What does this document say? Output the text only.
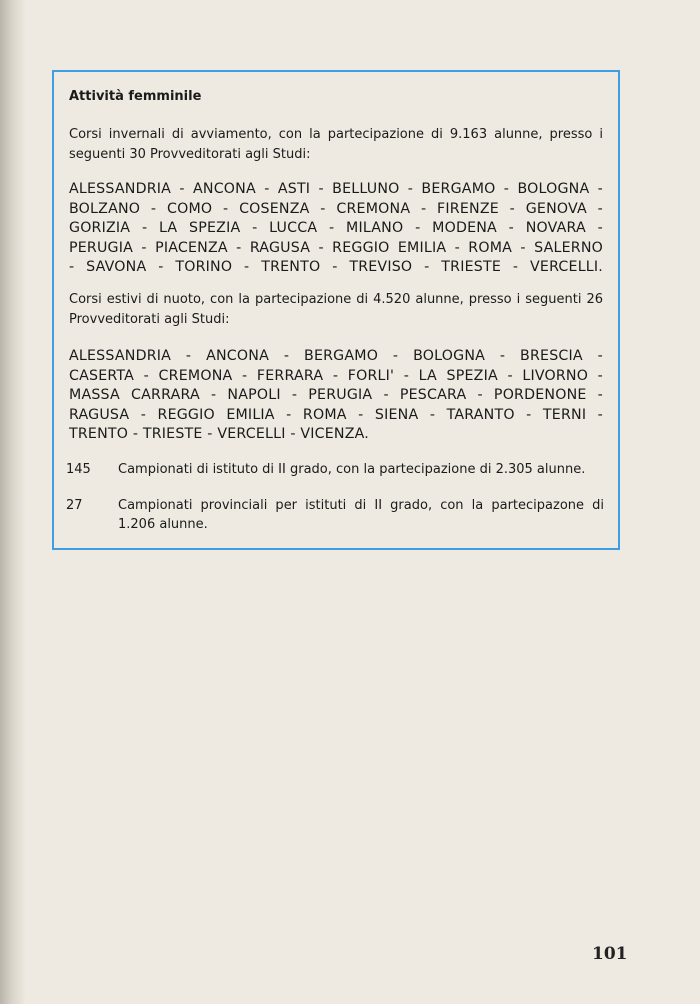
Attività femminile
Corsi invernali di avviamento, con la partecipazione di 9.163 alunne, presso i seguenti 30 Provveditorati agli Studi:
ALESSANDRIA - ANCONA - ASTI - BELLUNO - BERGAMO - BOLOGNA -
BOLZANO - COMO - COSENZA - CREMONA - FIRENZE - GENOVA -
GORIZIA - LA SPEZIA - LUCCA - MILANO - MODENA - NOVARA -
PERUGIA - PIACENZA - RAGUSA - REGGIO EMILIA - ROMA - SALERNO
- SAVONA - TORINO - TRENTO - TREVISO - TRIESTE - VERCELLI.
Corsi estivi di nuoto, con la partecipazione di 4.520 alunne, presso i seguenti 26 Provveditorati agli Studi:
ALESSANDRIA - ANCONA - BERGAMO - BOLOGNA - BRESCIA -
CASERTA - CREMONA - FERRARA - FORLI' - LA SPEZIA - LIVORNO -
MASSA CARRARA - NAPOLI - PERUGIA - PESCARA - PORDENONE -
RAGUSA - REGGIO EMILIA - ROMA - SIENA - TARANTO - TERNI -
TRENTO - TRIESTE - VERCELLI - VICENZA.
145 Campionati di istituto di II grado, con la partecipazione di 2.305 alunne.
27	Campionati provinciali per istituti di II grado, con la partecipazone di 1.206 alunne.
101
